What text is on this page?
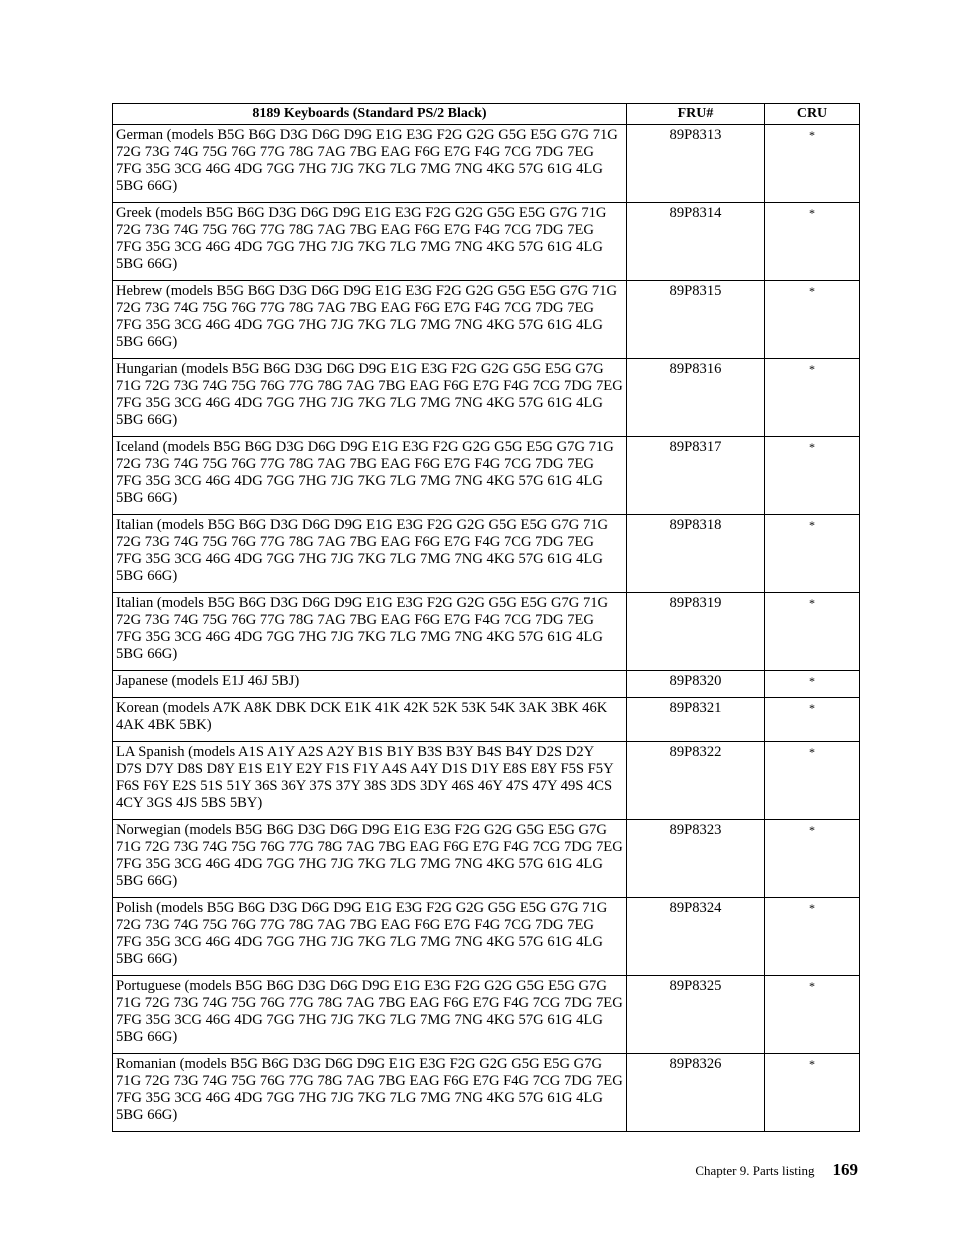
8189 Keyboards (Standard PS/2 Black)	FRU#	CRU
German (models B5G B6G D3G D6G D9G E1G E3G F2G G2G G5G E5G G7G 71G 72G 73G 74G 75G 76G 77G 78G 7AG 7BG EAG F6G E7G F4G 7CG 7DG 7EG 7FG 35G 3CG 46G 4DG 7GG 7HG 7JG 7KG 7LG 7MG 7NG 4KG 57G 61G 4LG 5BG 66G)	89P8313	*
Greek (models B5G B6G D3G D6G D9G E1G E3G F2G G2G G5G E5G G7G 71G 72G 73G 74G 75G 76G 77G 78G 7AG 7BG EAG F6G E7G F4G 7CG 7DG 7EG 7FG 35G 3CG 46G 4DG 7GG 7HG 7JG 7KG 7LG 7MG 7NG 4KG 57G 61G 4LG 5BG 66G)	89P8314	*
Hebrew (models B5G B6G D3G D6G D9G E1G E3G F2G G2G G5G E5G G7G 71G 72G 73G 74G 75G 76G 77G 78G 7AG 7BG EAG F6G E7G F4G 7CG 7DG 7EG 7FG 35G 3CG 46G 4DG 7GG 7HG 7JG 7KG 7LG 7MG 7NG 4KG 57G 61G 4LG 5BG 66G)	89P8315	*
Hungarian (models B5G B6G D3G D6G D9G E1G E3G F2G G2G G5G E5G G7G 71G 72G 73G 74G 75G 76G 77G 78G 7AG 7BG EAG F6G E7G F4G 7CG 7DG 7EG 7FG 35G 3CG 46G 4DG 7GG 7HG 7JG 7KG 7LG 7MG 7NG 4KG 57G 61G 4LG 5BG 66G)	89P8316	*
Iceland (models B5G B6G D3G D6G D9G E1G E3G F2G G2G G5G E5G G7G 71G 72G 73G 74G 75G 76G 77G 78G 7AG 7BG EAG F6G E7G F4G 7CG 7DG 7EG 7FG 35G 3CG 46G 4DG 7GG 7HG 7JG 7KG 7LG 7MG 7NG 4KG 57G 61G 4LG 5BG 66G)	89P8317	*
Italian (models B5G B6G D3G D6G D9G E1G E3G F2G G2G G5G E5G G7G 71G 72G 73G 74G 75G 76G 77G 78G 7AG 7BG EAG F6G E7G F4G 7CG 7DG 7EG 7FG 35G 3CG 46G 4DG 7GG 7HG 7JG 7KG 7LG 7MG 7NG 4KG 57G 61G 4LG 5BG 66G)	89P8318	*
Italian (models B5G B6G D3G D6G D9G E1G E3G F2G G2G G5G E5G G7G 71G 72G 73G 74G 75G 76G 77G 78G 7AG 7BG EAG F6G E7G F4G 7CG 7DG 7EG 7FG 35G 3CG 46G 4DG 7GG 7HG 7JG 7KG 7LG 7MG 7NG 4KG 57G 61G 4LG 5BG 66G)	89P8319	*
Japanese (models E1J 46J 5BJ)	89P8320	*
Korean (models A7K A8K DBK DCK E1K 41K 42K 52K 53K 54K 3AK 3BK 46K 4AK 4BK 5BK)	89P8321	*
LA Spanish (models A1S A1Y A2S A2Y B1S B1Y B3S B3Y B4S B4Y D2S D2Y D7S D7Y D8S D8Y E1S E1Y E2Y F1S F1Y A4S A4Y D1S D1Y E8S E8Y F5S F5Y F6S F6Y E2S 51S 51Y 36S 36Y 37S 37Y 38S 3DS 3DY 46S 46Y 47S 47Y 49S 4CS 4CY 3GS 4JS 5BS 5BY)	89P8322	*
Norwegian (models B5G B6G D3G D6G D9G E1G E3G F2G G2G G5G E5G G7G 71G 72G 73G 74G 75G 76G 77G 78G 7AG 7BG EAG F6G E7G F4G 7CG 7DG 7EG 7FG 35G 3CG 46G 4DG 7GG 7HG 7JG 7KG 7LG 7MG 7NG 4KG 57G 61G 4LG 5BG 66G)	89P8323	*
Polish (models B5G B6G D3G D6G D9G E1G E3G F2G G2G G5G E5G G7G 71G 72G 73G 74G 75G 76G 77G 78G 7AG 7BG EAG F6G E7G F4G 7CG 7DG 7EG 7FG 35G 3CG 46G 4DG 7GG 7HG 7JG 7KG 7LG 7MG 7NG 4KG 57G 61G 4LG 5BG 66G)	89P8324	*
Portuguese (models B5G B6G D3G D6G D9G E1G E3G F2G G2G G5G E5G G7G 71G 72G 73G 74G 75G 76G 77G 78G 7AG 7BG EAG F6G E7G F4G 7CG 7DG 7EG 7FG 35G 3CG 46G 4DG 7GG 7HG 7JG 7KG 7LG 7MG 7NG 4KG 57G 61G 4LG 5BG 66G)	89P8325	*
Romanian (models B5G B6G D3G D6G D9G E1G E3G F2G G2G G5G E5G G7G 71G 72G 73G 74G 75G 76G 77G 78G 7AG 7BG EAG F6G E7G F4G 7CG 7DG 7EG 7FG 35G 3CG 46G 4DG 7GG 7HG 7JG 7KG 7LG 7MG 7NG 4KG 57G 61G 4LG 5BG 66G)	89P8326	*
Chapter 9. Parts listing 169
